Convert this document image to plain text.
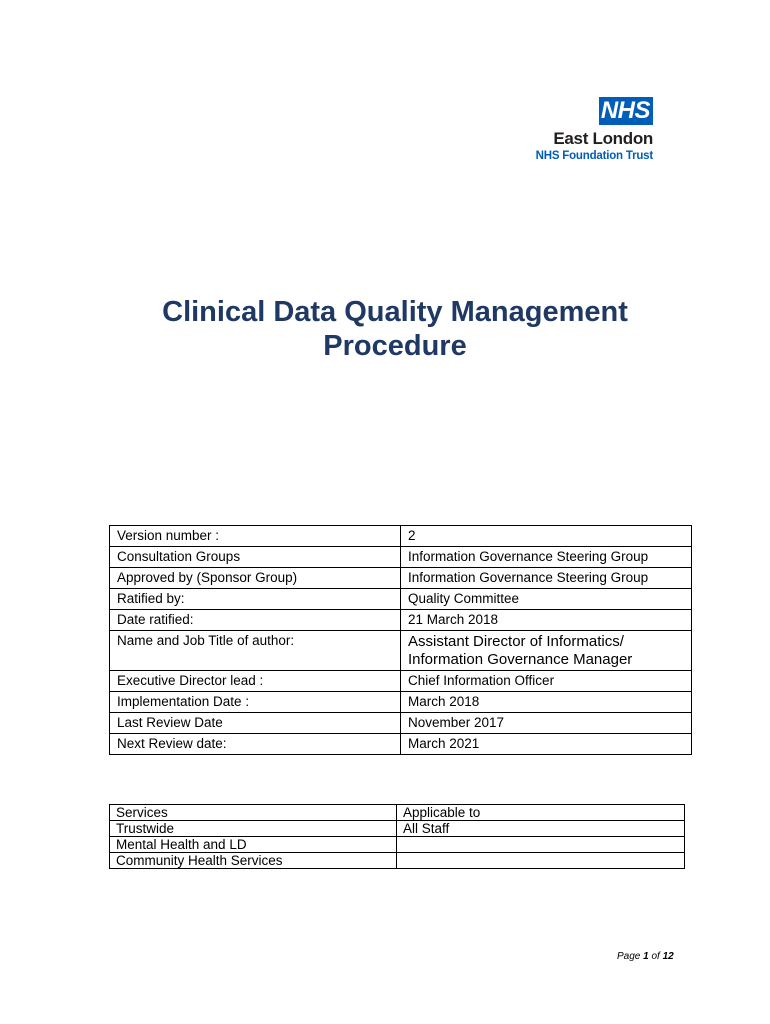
NHS
East London
NHS Foundation Trust
Clinical Data Quality Management
Procedure
Version number :	2
Consultation Groups	Information Governance Steering Group
Approved by (Sponsor Group)	Information Governance Steering Group
Ratified by:	Quality Committee
Date ratified:	21 March 2018
Name and Job Title of author:	Assistant Director of Informatics/
Information Governance Manager

Executive Director lead :	Chief Information Officer
Implementation Date :	March 2018
Last Review Date	November 2017
Next Review date:	March 2021
Services	Applicable to
Trustwide	All Staff
Mental Health and LD	
Community Health Services	
Page 1 of 12
